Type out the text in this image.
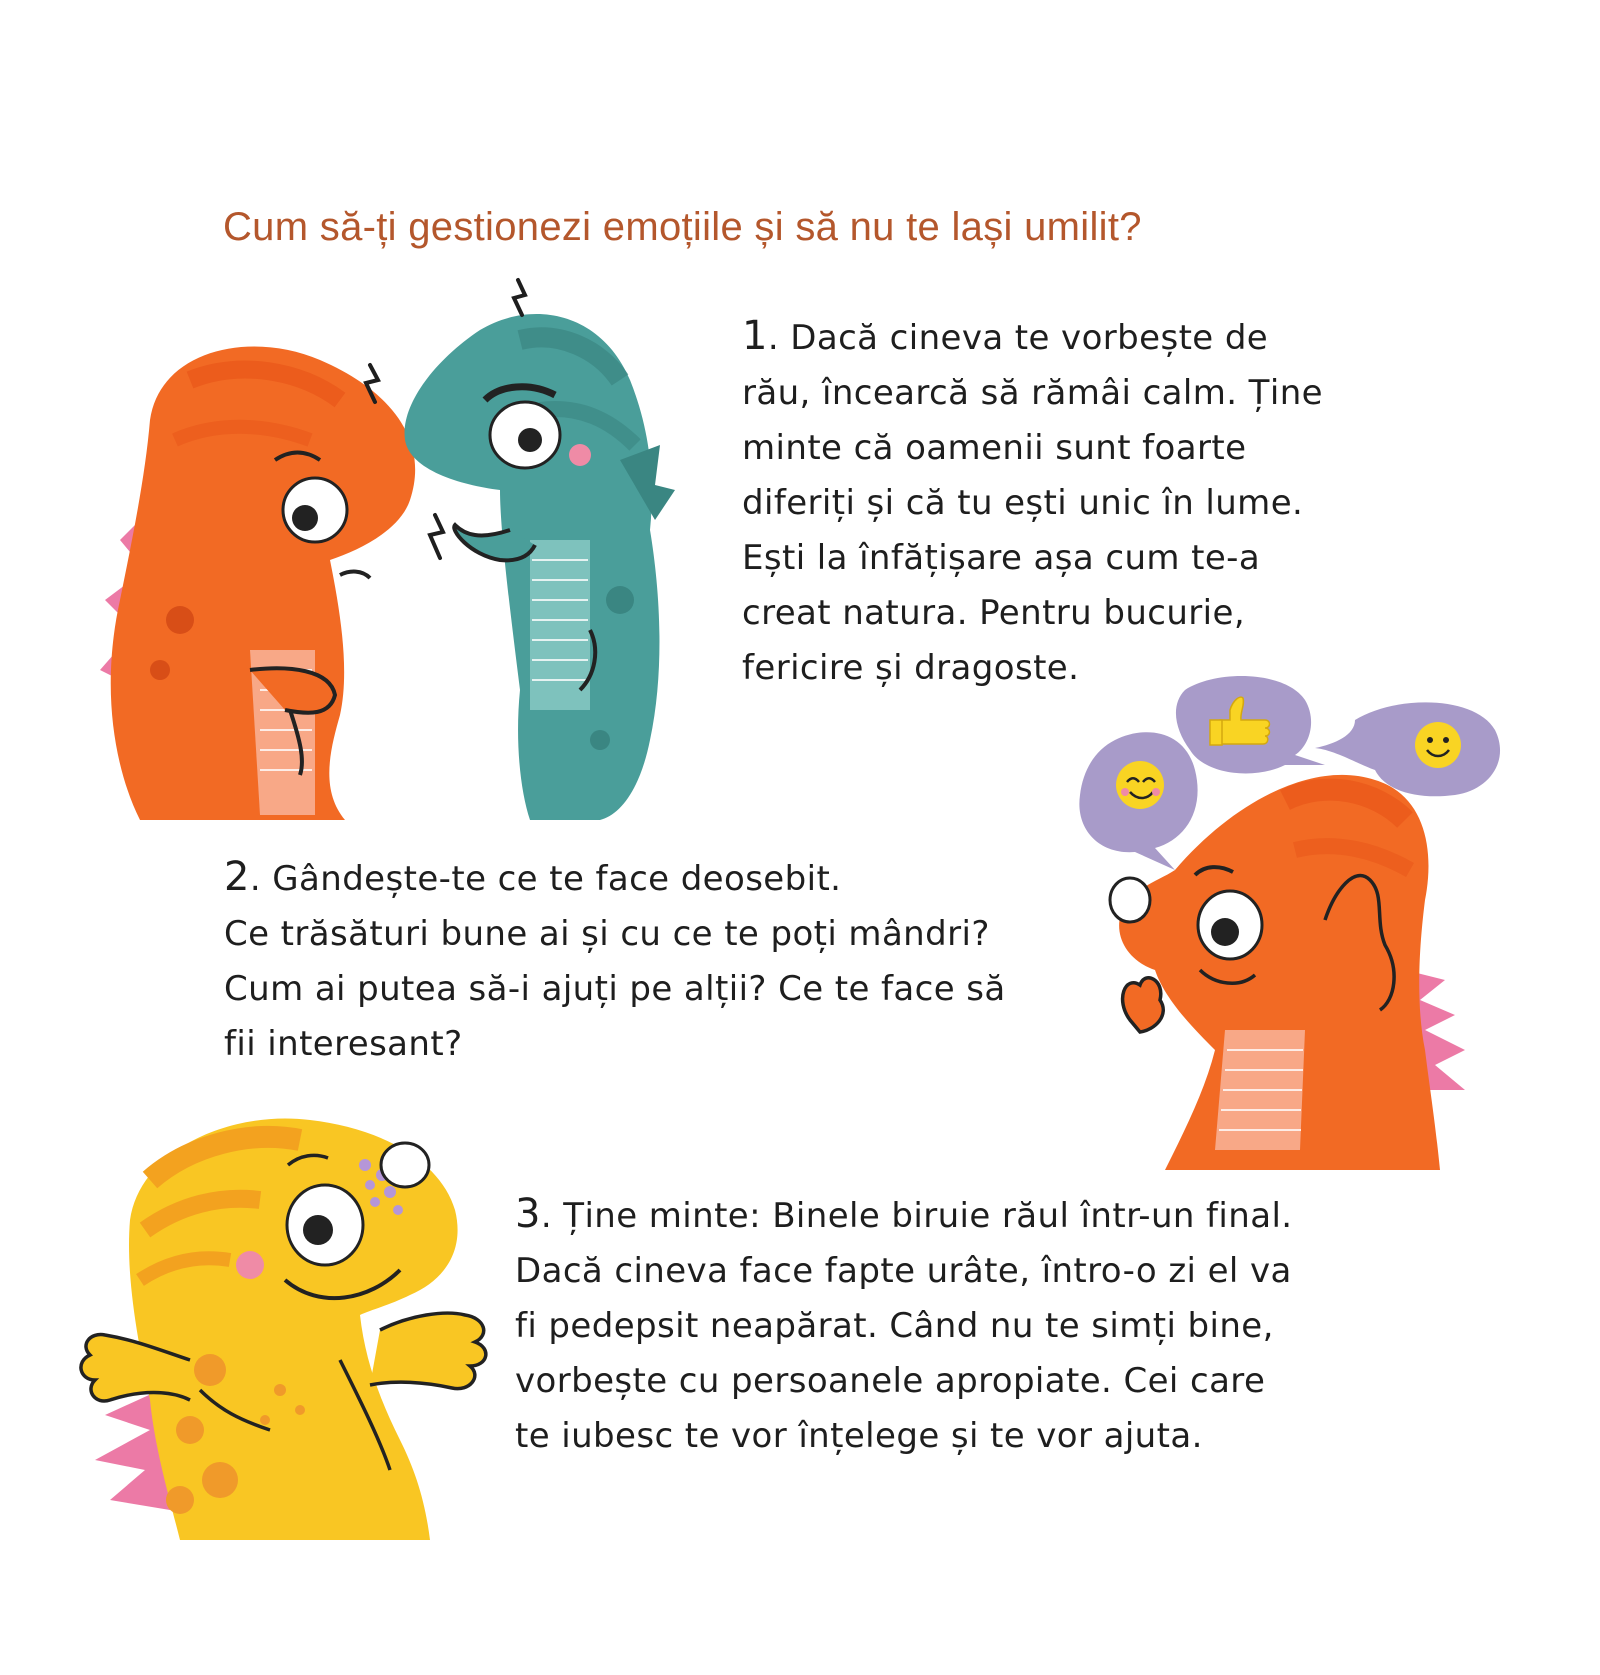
Cum să-ți gestionezi emoțiile și să nu te lași umilit?
1. Dacă cineva te vorbește de
rău, încearcă să rămâi calm. Ține
minte că oamenii sunt foarte
diferiți și că tu ești unic în lume.
Ești la înfățișare așa cum te-a
creat natura. Pentru bucurie,
fericire și dragoste.
2. Gândește-te ce te face deosebit.
Ce trăsături bune ai și cu ce te poți mândri?
Cum ai putea să-i ajuți pe alții? Ce te face să
fii interesant?
3. Ține minte: Binele biruie răul într-un final.
Dacă cineva face fapte urâte, întro-o zi el va
fi pedepsit neapărat. Când nu te simți bine,
vorbește cu persoanele apropiate. Cei care
te iubesc te vor înțelege și te vor ajuta.
